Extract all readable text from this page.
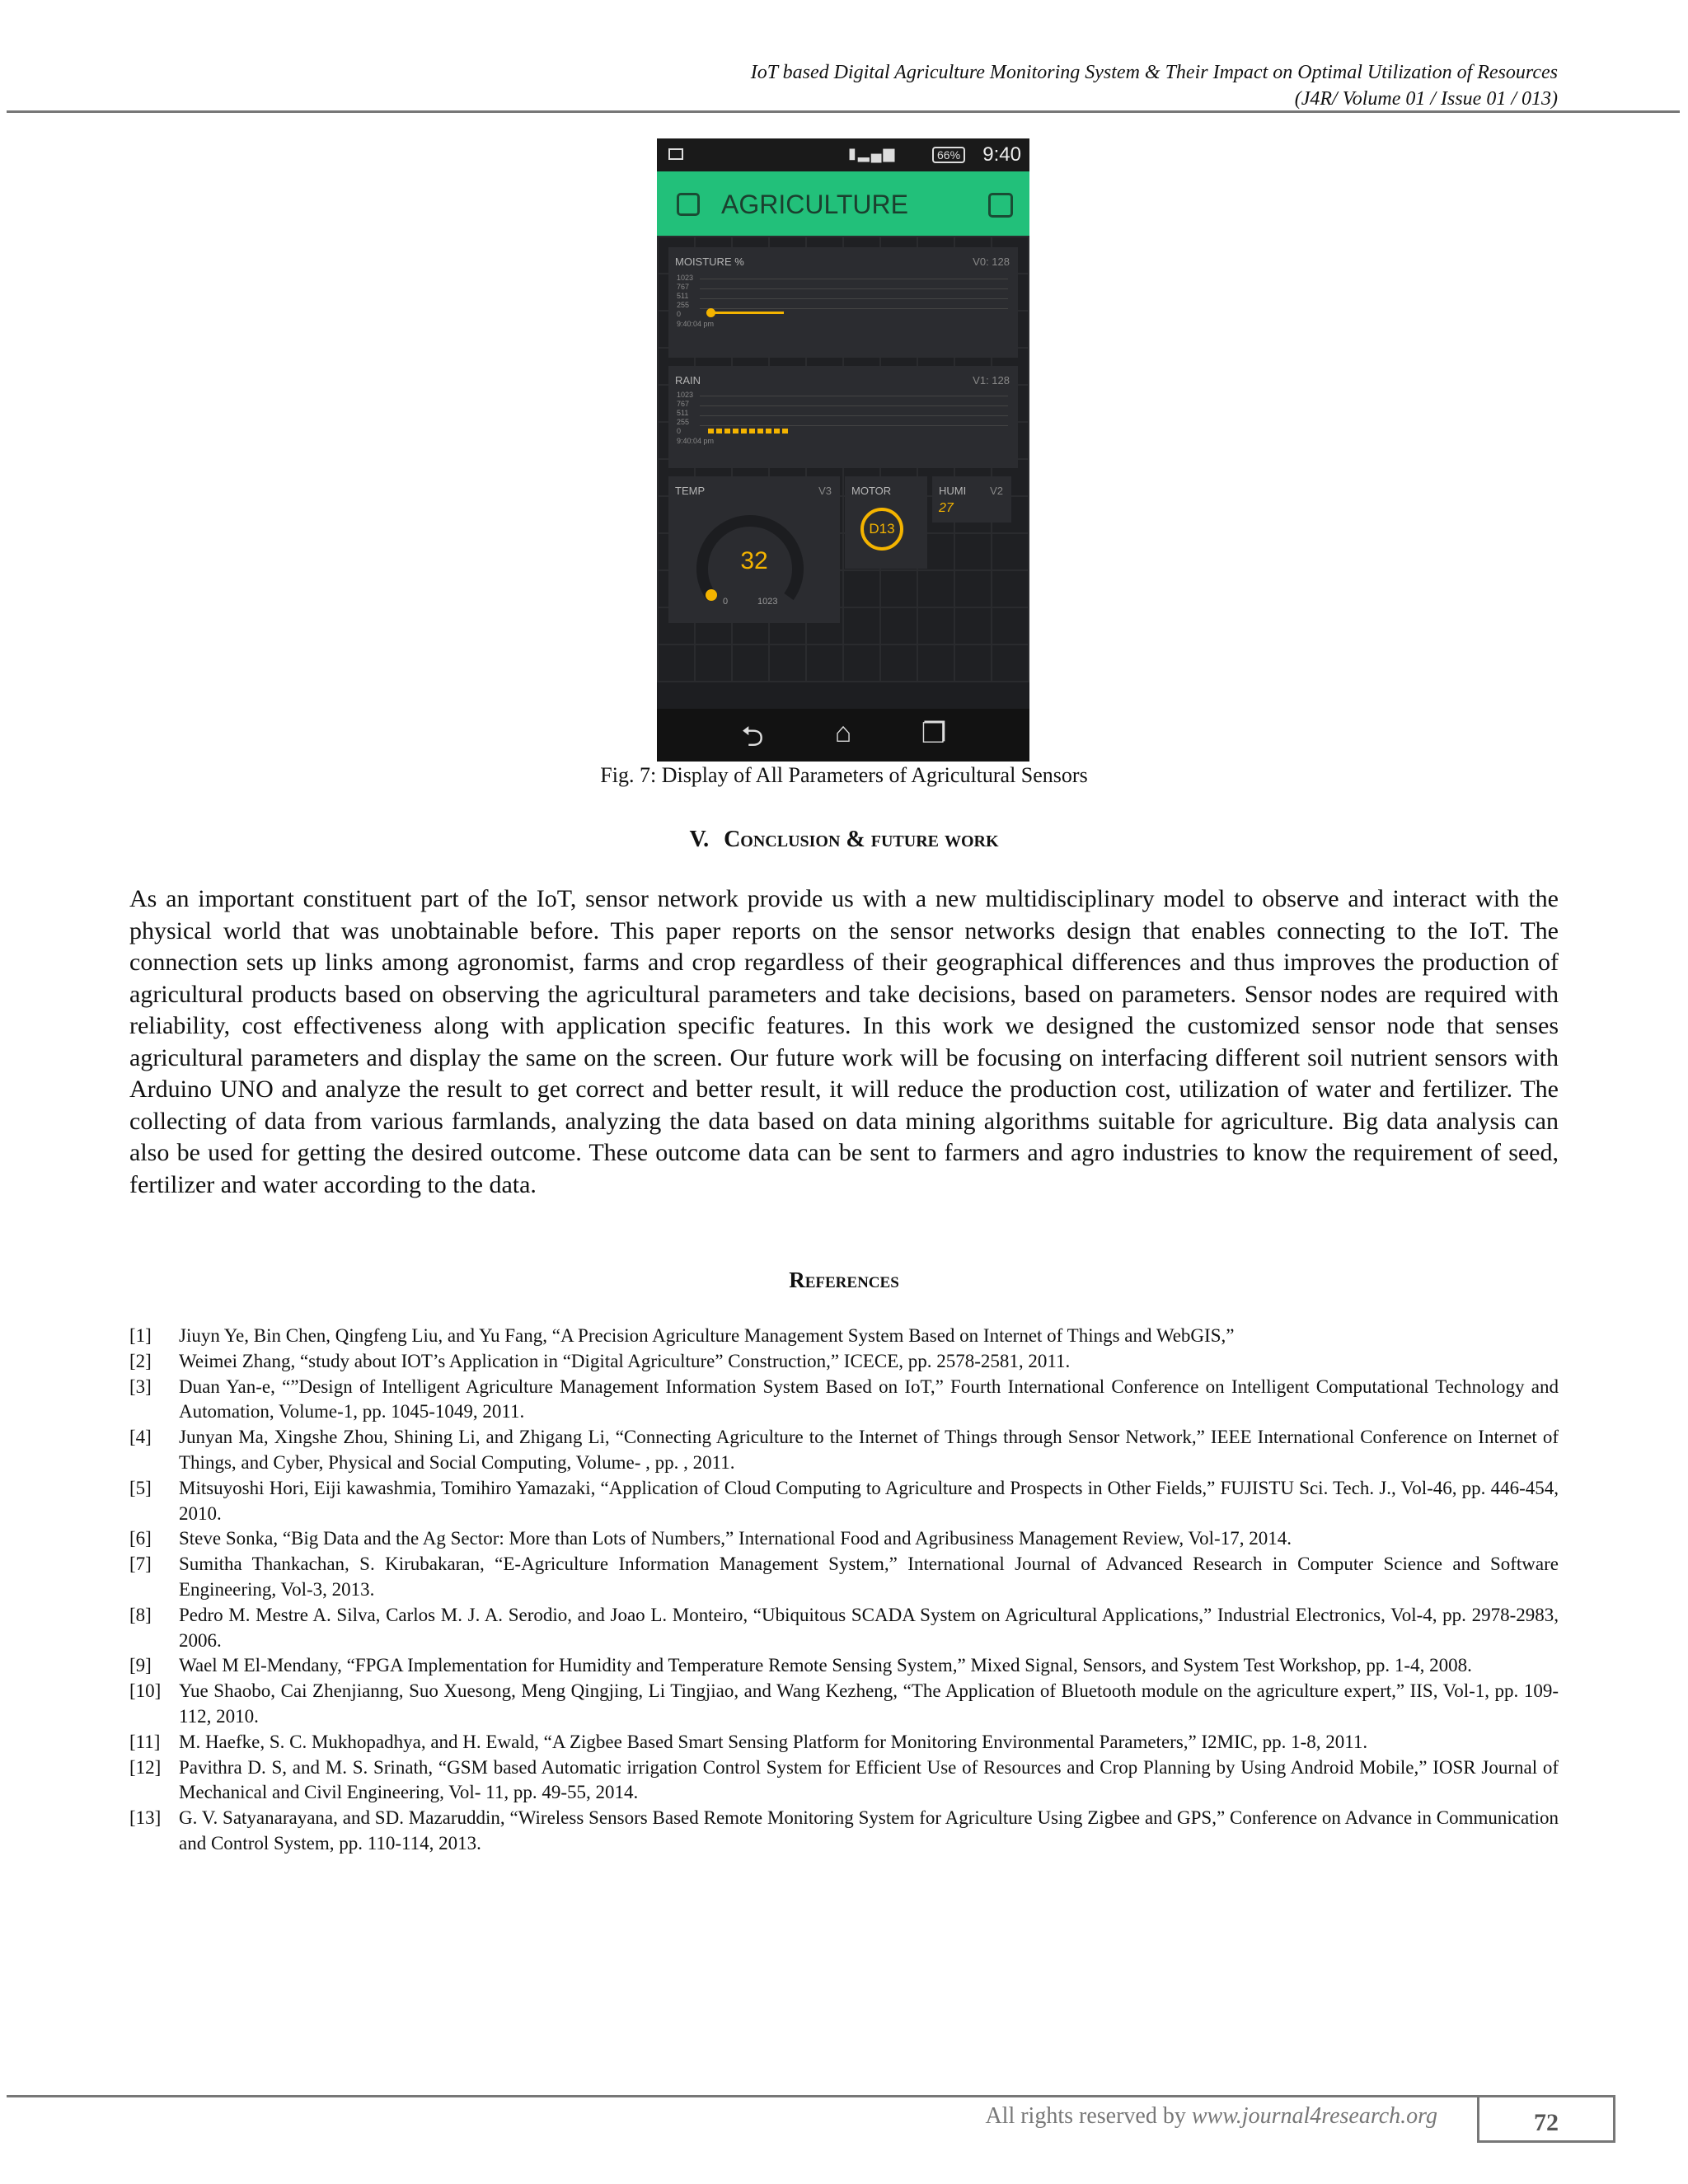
IoT based Digital Agriculture Monitoring System & Their Impact on Optimal Utilization of Resources
(J4R/ Volume 01 / Issue 01 / 013)
▮▂▄▆	66% 9:40
AGRICULTURE
MOISTURE %	V0: 128
1023
767
511
255
0
9:40:04 pm
RAIN	V1: 128
1023
767
511
255
0
9:40:04 pm
TEMP	V3
32
0	1023
MOTOR
D13
HUMI V2
27
⮌	⌂	❐
Fig. 7: Display of All Parameters of Agricultural Sensors
V. Conclusion & future work
As an important constituent part of the IoT, sensor network provide us with a new multidisciplinary model to observe and interact with the physical world that was unobtainable before. This paper reports on the sensor networks design that enables connecting to the IoT. The connection sets up links among agronomist, farms and crop regardless of their geographical differences and thus improves the production of agricultural products based on observing the agricultural parameters and take decisions, based on parameters. Sensor nodes are required with reliability, cost effectiveness along with application specific features. In this work we designed the customized sensor node that senses agricultural parameters and display the same on the screen. Our future work will be focusing on interfacing different soil nutrient sensors with Arduino UNO and analyze the result to get correct and better result, it will reduce the production cost, utilization of water and fertilizer. The collecting of data from various farmlands, analyzing the data based on data mining algorithms suitable for agriculture. Big data analysis can also be used for getting the desired outcome. These outcome data can be sent to farmers and agro industries to know the requirement of seed, fertilizer and water according to the data.
References
[1] Jiuyn Ye, Bin Chen, Qingfeng Liu, and Yu Fang, “A Precision Agriculture Management System Based on Internet of Things and WebGIS,”
[2] Weimei Zhang, “study about IOT’s Application in “Digital Agriculture” Construction,” ICECE, pp. 2578-2581, 2011.
[3] Duan Yan-e, “”Design of Intelligent Agriculture Management Information System Based on IoT,” Fourth International Conference on Intelligent Computational Technology and Automation, Volume-1, pp. 1045-1049, 2011.
[4] Junyan Ma, Xingshe Zhou, Shining Li, and Zhigang Li, “Connecting Agriculture to the Internet of Things through Sensor Network,” IEEE International Conference on Internet of Things, and Cyber, Physical and Social Computing, Volume- , pp. , 2011.
[5] Mitsuyoshi Hori, Eiji kawashmia, Tomihiro Yamazaki, “Application of Cloud Computing to Agriculture and Prospects in Other Fields,” FUJISTU Sci. Tech. J., Vol-46, pp. 446-454, 2010.
[6] Steve Sonka, “Big Data and the Ag Sector: More than Lots of Numbers,” International Food and Agribusiness Management Review, Vol-17, 2014.
[7] Sumitha Thankachan, S. Kirubakaran, “E-Agriculture Information Management System,” International Journal of Advanced Research in Computer Science and Software Engineering, Vol-3, 2013.
[8] Pedro M. Mestre A. Silva, Carlos M. J. A. Serodio, and Joao L. Monteiro, “Ubiquitous SCADA System on Agricultural Applications,” Industrial Electronics, Vol-4, pp. 2978-2983, 2006.
[9] Wael M El-Mendany, “FPGA Implementation for Humidity and Temperature Remote Sensing System,” Mixed Signal, Sensors, and System Test Workshop, pp. 1-4, 2008.
[10] Yue Shaobo, Cai Zhenjianng, Suo Xuesong, Meng Qingjing, Li Tingjiao, and Wang Kezheng, “The Application of Bluetooth module on the agriculture expert,” IIS, Vol-1, pp. 109-112, 2010.
[11] M. Haefke, S. C. Mukhopadhya, and H. Ewald, “A Zigbee Based Smart Sensing Platform for Monitoring Environmental Parameters,” I2MIC, pp. 1-8, 2011.
[12] Pavithra D. S, and M. S. Srinath, “GSM based Automatic irrigation Control System for Efficient Use of Resources and Crop Planning by Using Android Mobile,” IOSR Journal of Mechanical and Civil Engineering, Vol- 11, pp. 49-55, 2014.
[13] G. V. Satyanarayana, and SD. Mazaruddin, “Wireless Sensors Based Remote Monitoring System for Agriculture Using Zigbee and GPS,” Conference on Advance in Communication and Control System, pp. 110-114, 2013.
All rights reserved by www.journal4research.org	72
